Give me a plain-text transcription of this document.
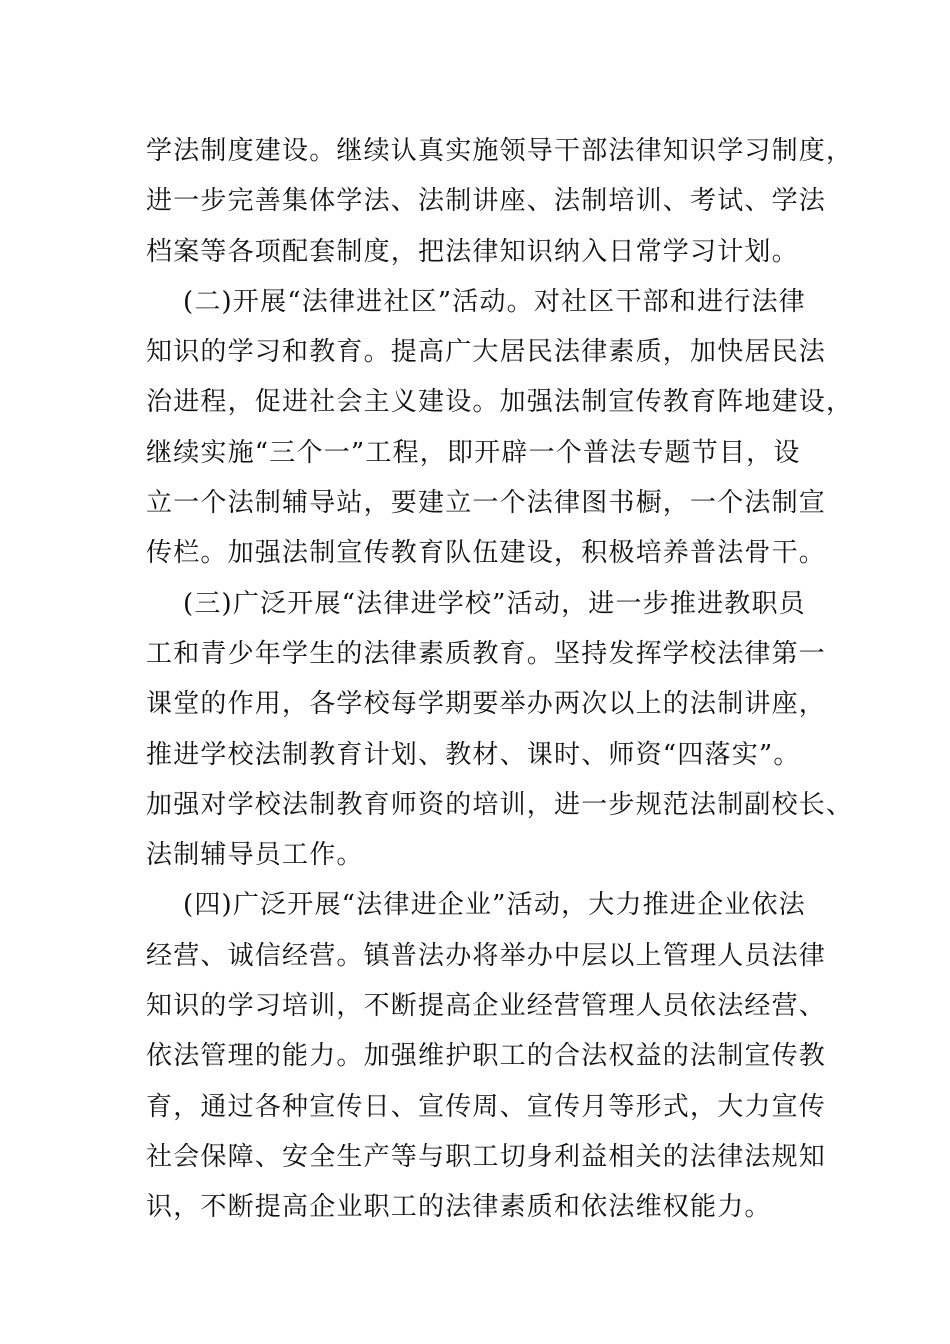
学法制度建设。继续认真实施领导干部法律知识学习制度，
进一步完善集体学法、法制讲座、法制培训、考试、学法
档案等各项配套制度，把法律知识纳入日常学习计划。
(二)开展“法律进社区”活动。对社区干部和进行法律
知识的学习和教育。提高广大居民法律素质，加快居民法
治进程，促进社会主义建设。加强法制宣传教育阵地建设，
继续实施“三个一”工程，即开辟一个普法专题节目，设
立一个法制辅导站，要建立一个法律图书橱，一个法制宣
传栏。加强法制宣传教育队伍建设，积极培养普法骨干。
(三)广泛开展“法律进学校”活动，进一步推进教职员
工和青少年学生的法律素质教育。坚持发挥学校法律第一
课堂的作用，各学校每学期要举办两次以上的法制讲座，
推进学校法制教育计划、教材、课时、师资“四落实”。
加强对学校法制教育师资的培训，进一步规范法制副校长、
法制辅导员工作。
(四)广泛开展“法律进企业”活动，大力推进企业依法
经营、诚信经营。镇普法办将举办中层以上管理人员法律
知识的学习培训，不断提高企业经营管理人员依法经营、
依法管理的能力。加强维护职工的合法权益的法制宣传教
育，通过各种宣传日、宣传周、宣传月等形式，大力宣传
社会保障、安全生产等与职工切身利益相关的法律法规知
识，不断提高企业职工的法律素质和依法维权能力。
